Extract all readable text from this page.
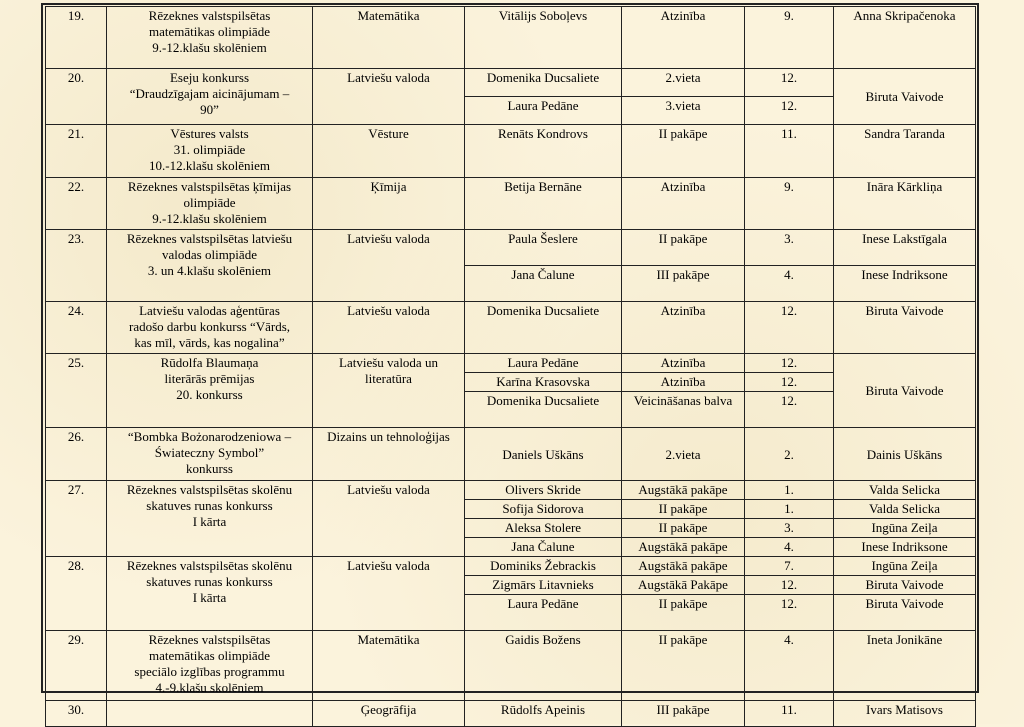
19.	Rēzeknes valstspilsētas
matemātikas olimpiāde
9.-12.klašu skolēniem	Matemātika	Vitālijs Soboļevs	Atzinība	9.	Anna Skripačenoka
20.	Eseju konkurss
“Draudzīgajam aicinājumam –
90”	Latviešu valoda	Domenika Ducsaliete	2.vieta	12.	Biruta Vaivode
			Laura Pedāne	3.vieta	12.	
21.	Vēstures valsts
31. olimpiāde
10.-12.klašu skolēniem	Vēsture	Renāts Kondrovs	II pakāpe	11.	Sandra Taranda
22.	Rēzeknes valstspilsētas ķīmijas
olimpiāde
9.-12.klašu skolēniem	Ķīmija	Betija Bernāne	Atzinība	9.	Ināra Kārkliņa
23.	Rēzeknes valstspilsētas latviešu
valodas olimpiāde
3. un 4.klašu skolēniem	Latviešu valoda	Paula Šeslere	II pakāpe	3.	Inese Lakstīgala
			Jana Čalune	III pakāpe	4.	Inese Indriksone
24.	Latviešu valodas aģentūras
radošo darbu konkurss “Vārds,
kas mīl, vārds, kas nogalina”	Latviešu valoda	Domenika Ducsaliete	Atzinība	12.	Biruta Vaivode
25.	Rūdolfa Blaumaņa
literārās prēmijas
20. konkurss	Latviešu valoda un literatūra	Laura Pedāne	Atzinība	12.	Biruta Vaivode
			Karīna Krasovska	Atzinība	12.	
			Domenika Ducsaliete	Veicināšanas balva	12.	
26.	“Bombka Bożonarodzeniowa –
Świateczny Symbol”
konkurss	Dizains un tehnoloģijas	Daniels Uškāns	2.vieta	2.	Dainis Uškāns
27.	Rēzeknes valstspilsētas skolēnu
skatuves runas konkurss
I kārta	Latviešu valoda	Olivers Skride	Augstākā pakāpe	1.	Valda Selicka
			Sofija Sidorova	II pakāpe	1.	Valda Selicka
			Aleksa Stolere	II pakāpe	3.	Ingūna Zeiļa
			Jana Čalune	Augstākā pakāpe	4.	Inese Indriksone
28.	Rēzeknes valstspilsētas skolēnu
skatuves runas konkurss
I kārta	Latviešu valoda	Dominiks Žebrackis	Augstākā pakāpe	7.	Ingūna Zeiļa
			Zigmārs Litavnieks	Augstākā Pakāpe	12.	Biruta Vaivode
			Laura Pedāne	II pakāpe	12.	Biruta Vaivode
29.	Rēzeknes valstspilsētas
matemātikas olimpiāde
speciālo izglības programmu
4.-9.klašu skolēniem	Matemātika	Gaidis Božens	II pakāpe	4.	Ineta Jonikāne
30.		Ģeogrāfija	Rūdolfs Apeinis	III pakāpe	11.	Ivars Matisovs
